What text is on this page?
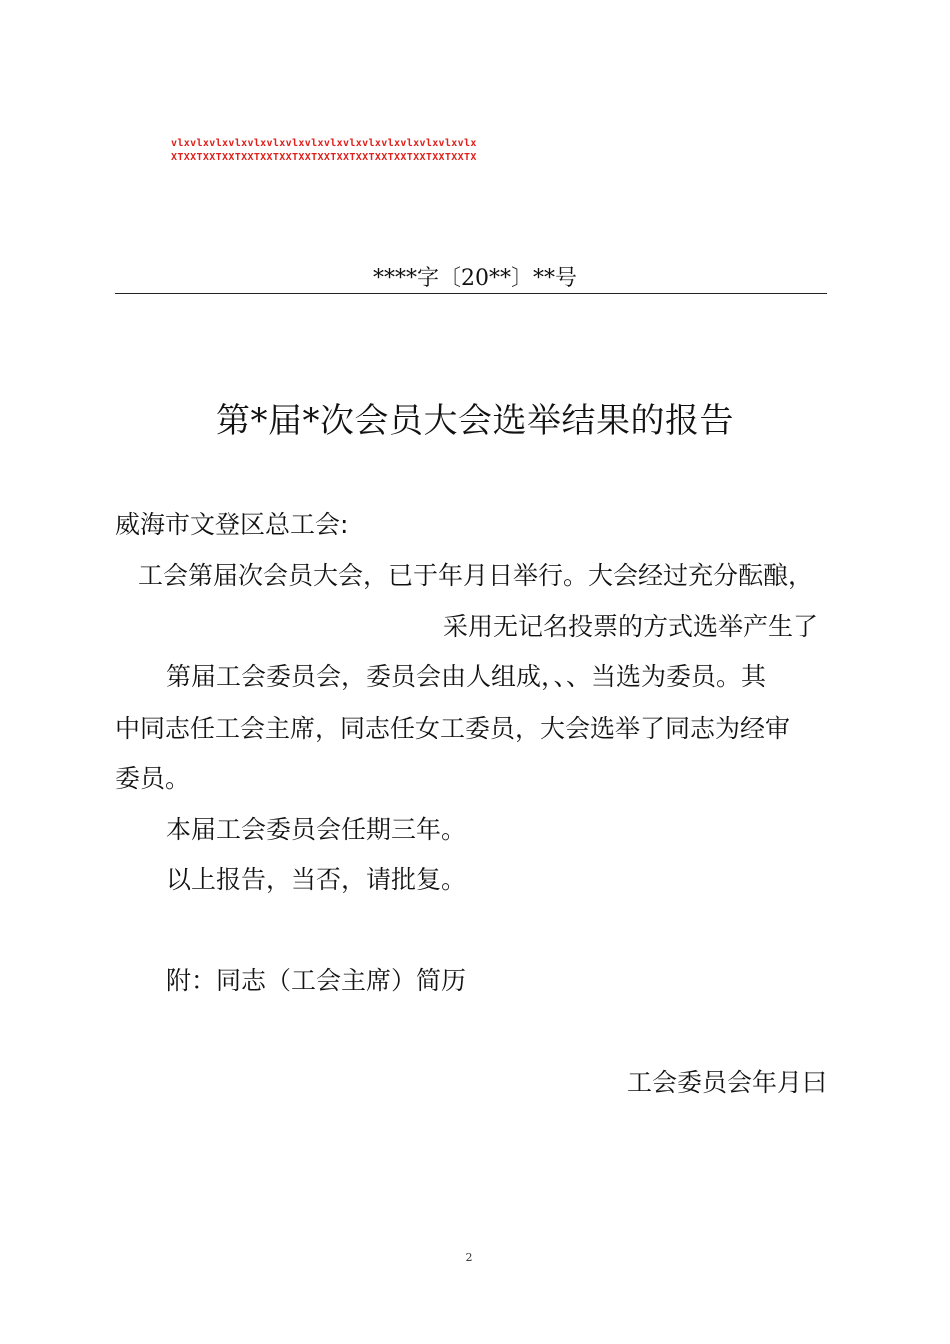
vlxvlxvlxvlxvlxvlxvlxvlxvlxvlxvlxvlxvlxvlxvlxvlx
XTXXTXXTXXTXXTXXTXXTXXTXXTXXTXXTXXTXXTXXTXXTXXTX
****字〔20**〕**号
第*届*次会员大会选举结果的报告
威海市文登区总工会:
工会第届次会员大会，已于年月日举行。大会经过充分酝酿，
采用无记名投票的方式选举产生了
第届工会委员会，委员会由人组成，、、当选为委员。其
中同志任工会主席，同志任女工委员，大会选举了同志为经审
委员。
本届工会委员会任期三年。
以上报告，当否，请批复。
附：同志（工会主席）简历
工会委员会年月曰
2
